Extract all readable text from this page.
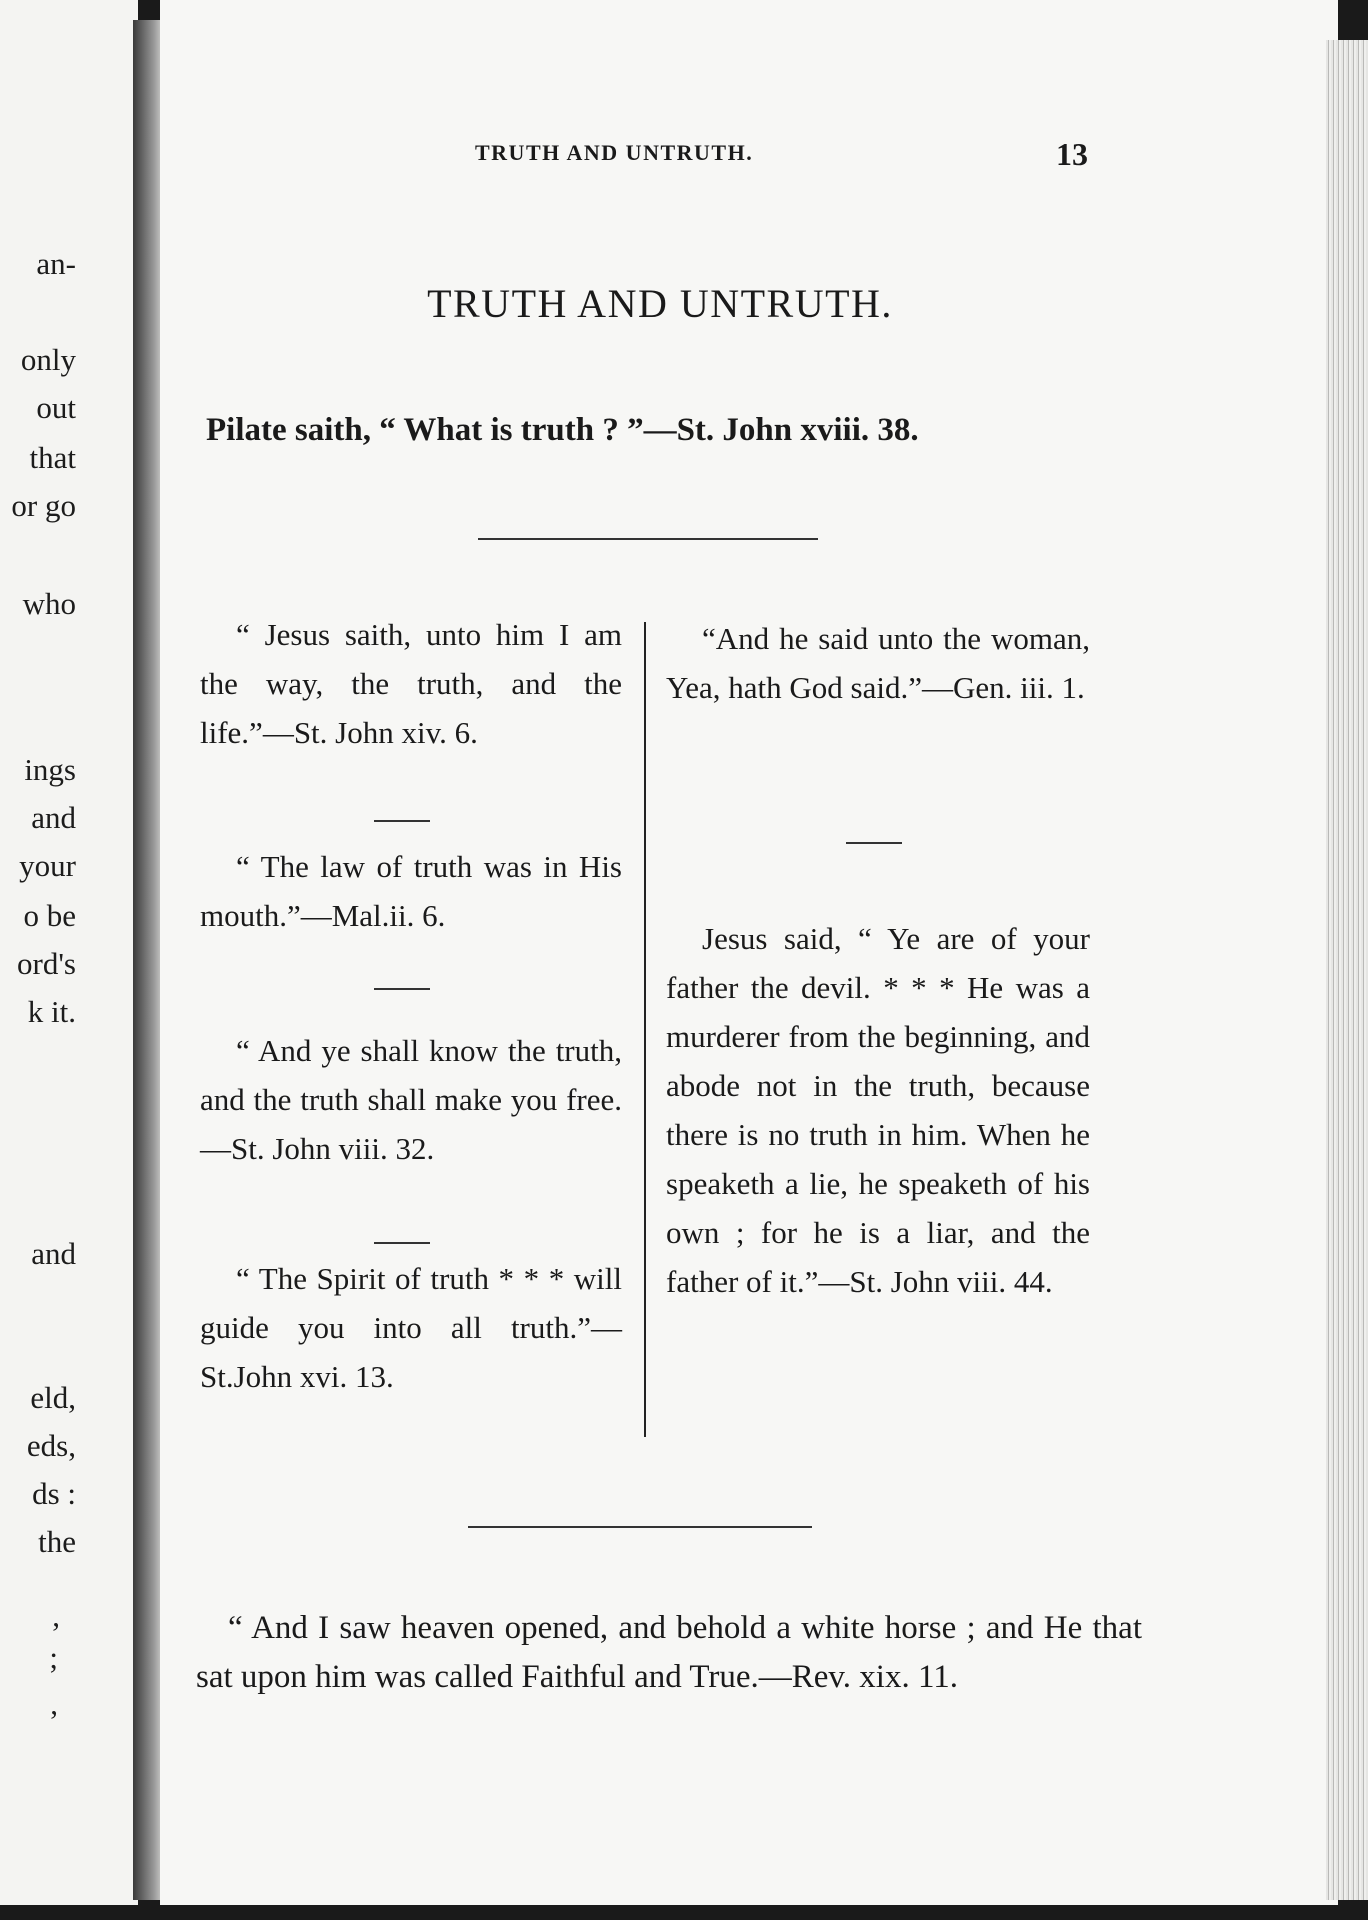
an-
only
out
that
or go
who
ings
and
your
o be
ord's
k it.
and
eld,
eds,
ds :
the
,
;
,
TRUTH AND UNTRUTH.	13
TRUTH AND UNTRUTH.
Pilate saith, “ What is truth ? ”—St. John xviii. 38.

“ Jesus saith, unto him I am the way, the truth, and the life.”—St. John xiv. 6.

“ The law of truth was in His mouth.”—Mal.ii. 6.

“ And ye shall know the truth, and the truth shall make you free.—St. John viii. 32.

“ The Spirit of truth * * * will guide you into all truth.”—St.John xvi. 13.

“And he said unto the woman, Yea, hath God said.”—Gen. iii. 1.

Jesus said, “ Ye are of your father the devil. * * * He was a murderer from the beginning, and abode not in the truth, because there is no truth in him. When he speaketh a lie, he speaketh of his own ; for he is a liar, and the father of it.”—St. John viii. 44.

“ And I saw heaven opened, and behold a white horse ; and He that sat upon him was called Faithful and True.—Rev. xix. 11.
